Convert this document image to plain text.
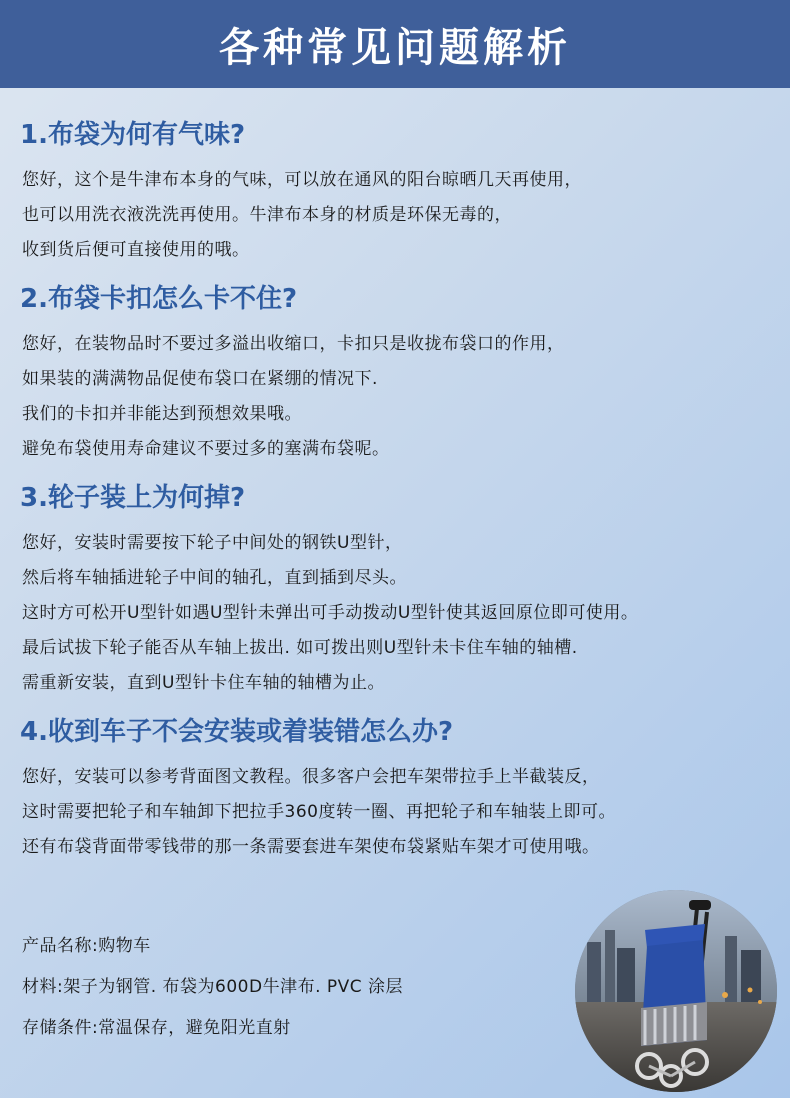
各种常见问题解析
1.布袋为何有气味?
您好，这个是牛津布本身的气味，可以放在通风的阳台晾晒几天再使用，
也可以用洗衣液洗洗再使用。牛津布本身的材质是环保无毒的，
收到货后便可直接使用的哦。
2.布袋卡扣怎么卡不住?
您好，在装物品时不要过多溢出收缩口，卡扣只是收拢布袋口的作用，
如果装的满满物品促使布袋口在紧绷的情况下.
我们的卡扣并非能达到预想效果哦。
避免布袋使用寿命建议不要过多的塞满布袋呢。
3.轮子装上为何掉?
您好，安装时需要按下轮子中间处的钢铁U型针，
然后将车轴插进轮子中间的轴孔，直到插到尽头。
这时方可松开U型针如遇U型针未弹出可手动拨动U型针使其返回原位即可使用。
最后试拔下轮子能否从车轴上拔出. 如可拨出则U型针未卡住车轴的轴槽.
需重新安装，直到U型针卡住车轴的轴槽为止。
4.收到车子不会安装或着装错怎么办?
您好，安装可以参考背面图文教程。很多客户会把车架带拉手上半截装反，
这时需要把轮子和车轴卸下把拉手360度转一圈、再把轮子和车轴装上即可。
还有布袋背面带零钱带的那一条需要套进车架使布袋紧贴车架才可使用哦。
产品名称:购物车
材料:架子为钢管. 布袋为600D牛津布. PVC 涂层
存储条件:常温保存，避免阳光直射
